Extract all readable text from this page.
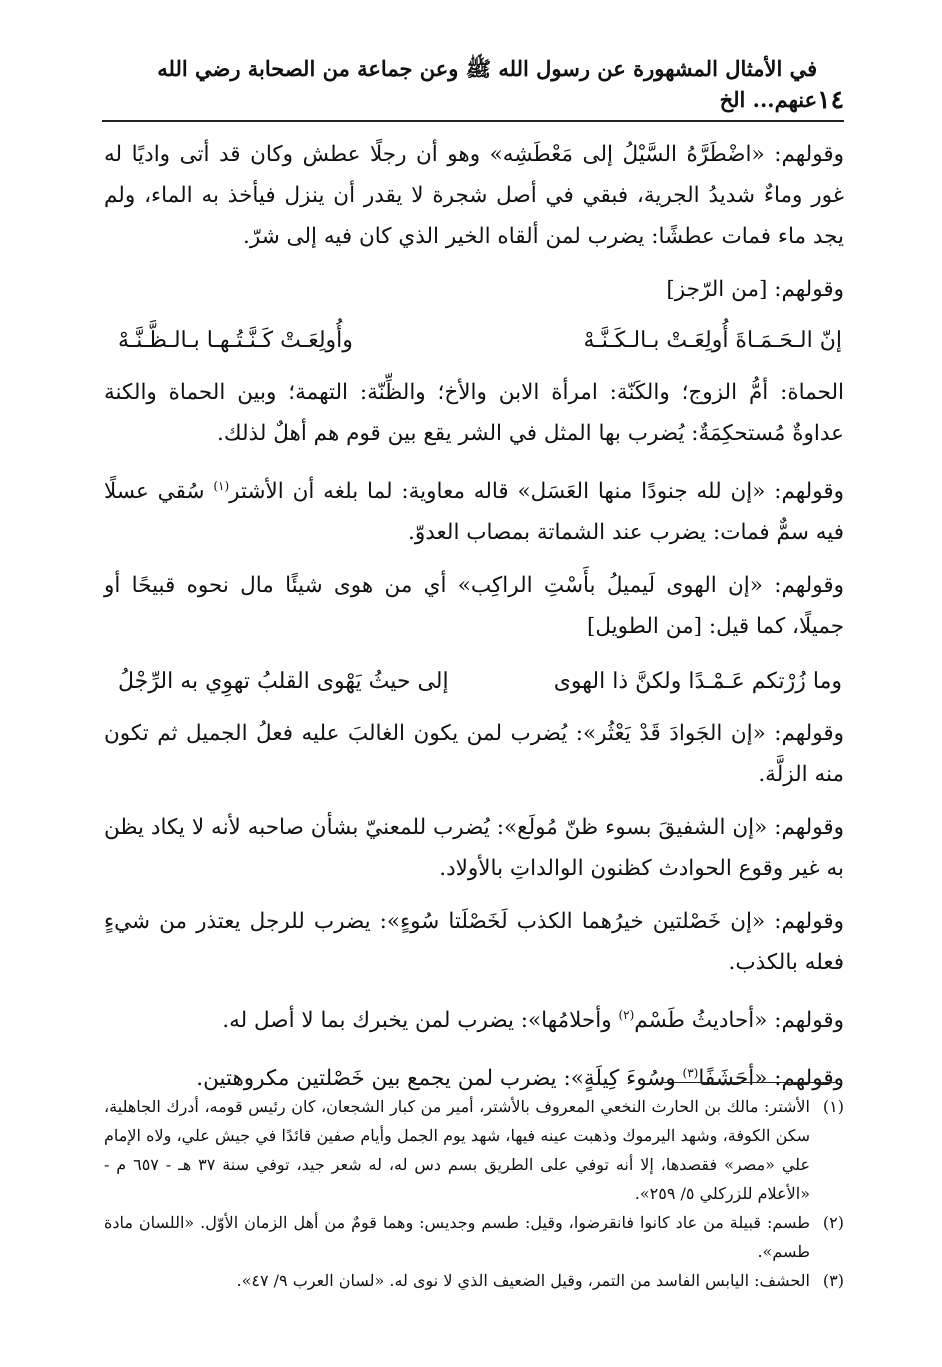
١٤
في الأمثال المشهورة عن رسول الله ﷺ وعن جماعة من الصحابة رضي الله عنهم... الخ

وقولهم: «اضْطَرَّهُ السَّيْلُ إلى مَعْطَشِه» وهو أن رجلًا عطش وكان قد أتى واديًا له غور وماءٌ شديدُ الجرية، فبقي في أصل شجرة لا يقدر أن ينزل فيأخذ به الماء، ولم يجد ماء فمات عطشًا: يضرب لمن ألقاه الخير الذي كان فيه إلى شرّ.

وقولهم: [من الرّجز]

إنّ الـحَـمَـاةَ أُولِعَـتْ بـالـكَـنَّـهْ
وأُولِعَـتْ كَـنَّـتُـهـا بـالـظَّـنَّـهْ

الحماة: أمُّ الزوج؛ والكَنّة: امرأة الابن والأخ؛ والظِّنّة: التهمة؛ وبين الحماة والكنة عداوةٌ مُستحكِمَةٌ: يُضرب بها المثل في الشر يقع بين قوم هم أهلٌ لذلك.

وقولهم: «إن لله جنودًا منها العَسَل» قاله معاوية: لما بلغه أن الأشتر$^{(١)}$ سُقي عسلًا فيه سمٌّ فمات: يضرب عند الشماتة بمصاب العدوّ.

وقولهم: «إن الهوى لَيميلُ بأَسْتِ الراكِب» أي من هوى شيئًا مال نحوه قبيحًا أو جميلًا، كما قيل: [من الطويل]

وما زُرْتكم عَـمْـدًا ولكنَّ ذا الهوى
إلى حيثُ يَهْوى القلبُ تهوِي به الرِّجْلُ

وقولهم: «إن الجَوادَ قَدْ يَعْثُر»: يُضرب لمن يكون الغالبَ عليه فعلُ الجميل ثم تكون منه الزلَّة.

وقولهم: «إن الشفيقَ بسوء ظنّ مُولَع»: يُضرب للمعنيّ بشأن صاحبه لأنه لا يكاد يظن به غير وقوع الحوادث كظنون الوالداتِ بالأولاد.

وقولهم: «إن خَصْلتين خيرُهما الكذب لَخَصْلَتا سُوءٍ»: يضرب للرجل يعتذر من شيءٍ فعله بالكذب.

وقولهم: «أحاديثُ طَسْم$^{(٢)}$ وأحلامُها»: يضرب لمن يخبرك بما لا أصل له.

وقولهم: «أحَشَفًا$^{(٣)}$ وسُوءَ كِيلَةٍ»: يضرب لمن يجمع بين خَصْلتين مكروهتين.

(١)
الأشتر: مالك بن الحارث النخعي المعروف بالأشتر، أمير من كبار الشجعان، كان رئيس قومه، أدرك الجاهلية، سكن الكوفة، وشهد اليرموك وذهبت عينه فيها، شهد يوم الجمل وأيام صفين قائدًا في جيش علي، ولاه الإمام علي «مصر» فقصدها، إلا أنه توفي على الطريق بسم دس له، له شعر جيد، توفي سنة ٣٧ هـ - ٦٥٧ م - «الأعلام للزركلي ٥/ ٢٥٩».
(٢)
طسم: قبيلة من عاد كانوا فانقرضوا، وقيل: طسم وجديس: وهما قومٌ من أهل الزمان الأوّل. «اللسان مادة طسم».
(٣)
الحشف: اليابس الفاسد من التمر، وقيل الضعيف الذي لا نوى له. «لسان العرب ٩/ ٤٧».
